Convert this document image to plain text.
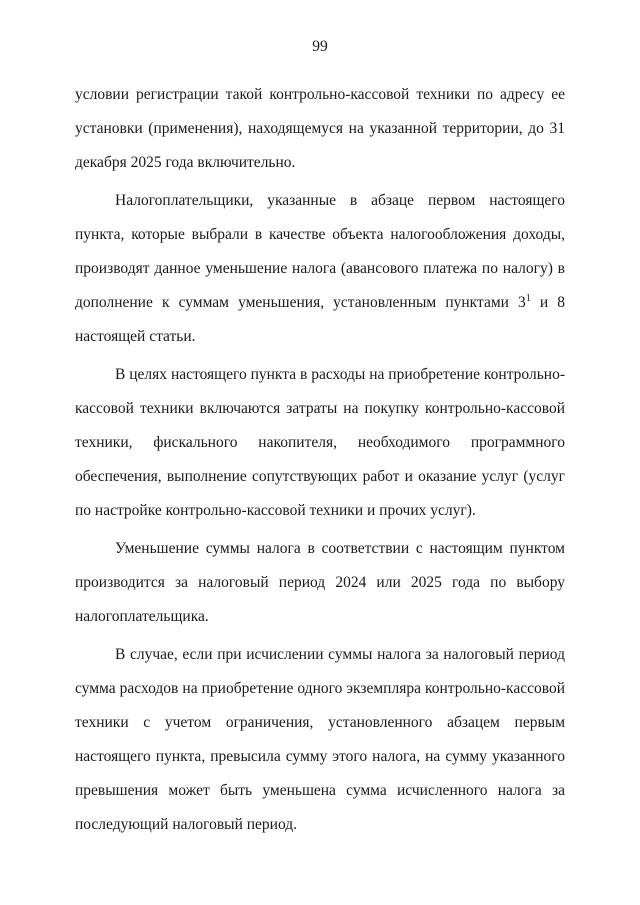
99

условии регистрации такой контрольно-кассовой техники по адресу ее установки (применения), находящемуся на указанной территории, до 31 декабря 2025 года включительно.

Налогоплательщики, указанные в абзаце первом настоящего пункта, которые выбрали в качестве объекта налогообложения доходы, производят данное уменьшение налога (авансового платежа по налогу) в дополнение к суммам уменьшения, установленным пунктами $3^1$ и 8 настоящей статьи.

В целях настоящего пункта в расходы на приобретение контрольно-кассовой техники включаются затраты на покупку контрольно-кассовой техники, фискального накопителя, необходимого программного обеспечения, выполнение сопутствующих работ и оказание услуг (услуг по настройке контрольно-кассовой техники и прочих услуг).

Уменьшение суммы налога в соответствии с настоящим пунктом производится за налоговый период 2024 или 2025 года по выбору налогоплательщика.

В случае, если при исчислении суммы налога за налоговый период сумма расходов на приобретение одного экземпляра контрольно-кассовой техники с учетом ограничения, установленного абзацем первым настоящего пункта, превысила сумму этого налога, на сумму указанного превышения может быть уменьшена сумма исчисленного налога за последующий налоговый период.
